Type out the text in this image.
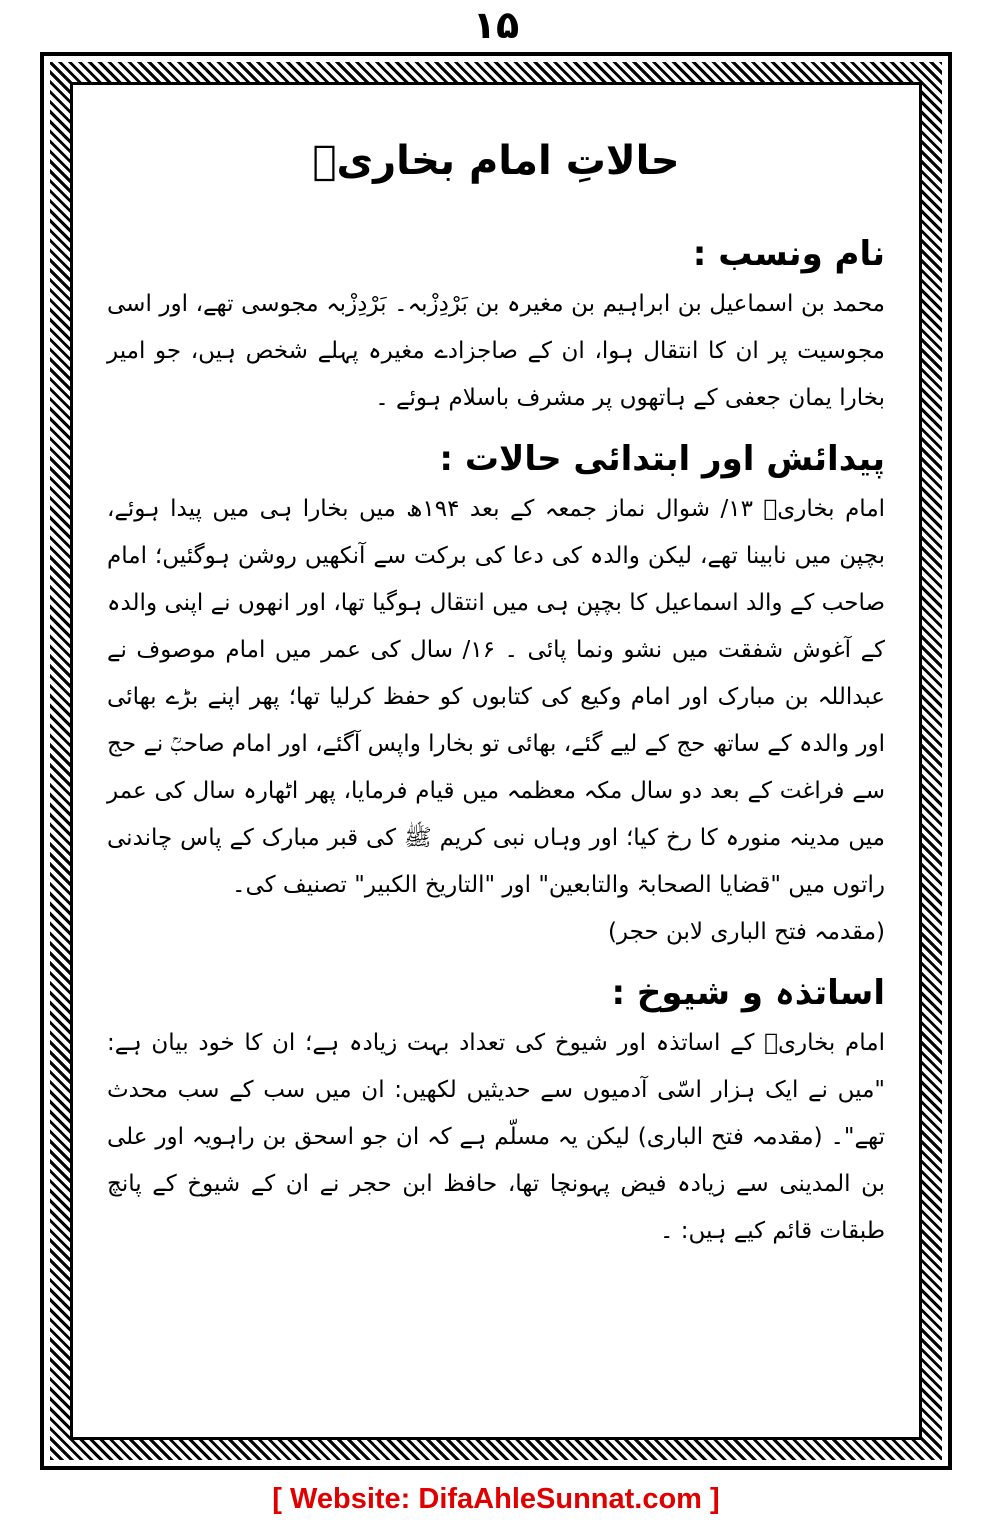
۱۵
حالاتِ امام بخاریؒ
نام ونسب :

محمد بن اسماعیل بن ابراہیم بن مغیرہ بن بَرْدِزْبہ۔ بَرْدِزْبہ مجوسی تھے، اور اسی مجوسیت پر ان کا انتقال ہوا، ان کے صاجزادے مغیرہ پہلے شخص ہیں، جو امیر بخارا یمان جعفی کے ہاتھوں پر مشرف باسلام ہوئے ۔

پیدائش اور ابتدائی حالات :

امام بخاریؒ ۱۳/ شوال نماز جمعہ کے بعد ۱۹۴ھ میں بخارا ہی میں پیدا ہوئے، بچپن میں نابینا تھے، لیکن والدہ کی دعا کی برکت سے آنکھیں روشن ہوگئیں؛ امام صاحب کے والد اسماعیل کا بچپن ہی میں انتقال ہوگیا تھا، اور انھوں نے اپنی والدہ کے آغوش شفقت میں نشو ونما پائی ۔ ۱۶/ سال کی عمر میں امام موصوف نے عبداللہ بن مبارک اور امام وکیع کی کتابوں کو حفظ کرلیا تھا؛ پھر اپنے بڑے بھائی اور والدہ کے ساتھ حج کے لیے گئے، بھائی تو بخارا واپس آگئے، اور امام صاحبؒ نے حج سے فراغت کے بعد دو سال مکہ معظمہ میں قیام فرمایا، پھر اٹھارہ سال کی عمر میں مدینہ منورہ کا رخ کیا؛ اور وہاں نبی کریم ﷺ کی قبر مبارک کے پاس چاندنی راتوں میں "قضایا الصحابۃ والتابعین" اور "التاریخ الکبیر" تصنیف کی۔

(مقدمہ فتح الباری لابن حجر)

اساتذہ و شیوخ :

امام بخاریؒ کے اساتذہ اور شیوخ کی تعداد بہت زیادہ ہے؛ ان کا خود بیان ہے: "میں نے ایک ہزار اسّی آدمیوں سے حدیثیں لکھیں: ان میں سب کے سب محدث تھے"۔ (مقدمہ فتح الباری) لیکن یہ مسلّم ہے کہ ان جو اسحق بن راہویہ اور علی بن المدینی سے زیادہ فیض پہونچا تھا، حافظ ابن حجر نے ان کے شیوخ کے پانچ طبقات قائم کیے ہیں: ۔

[ Website: DifaAhleSunnat.com ]
